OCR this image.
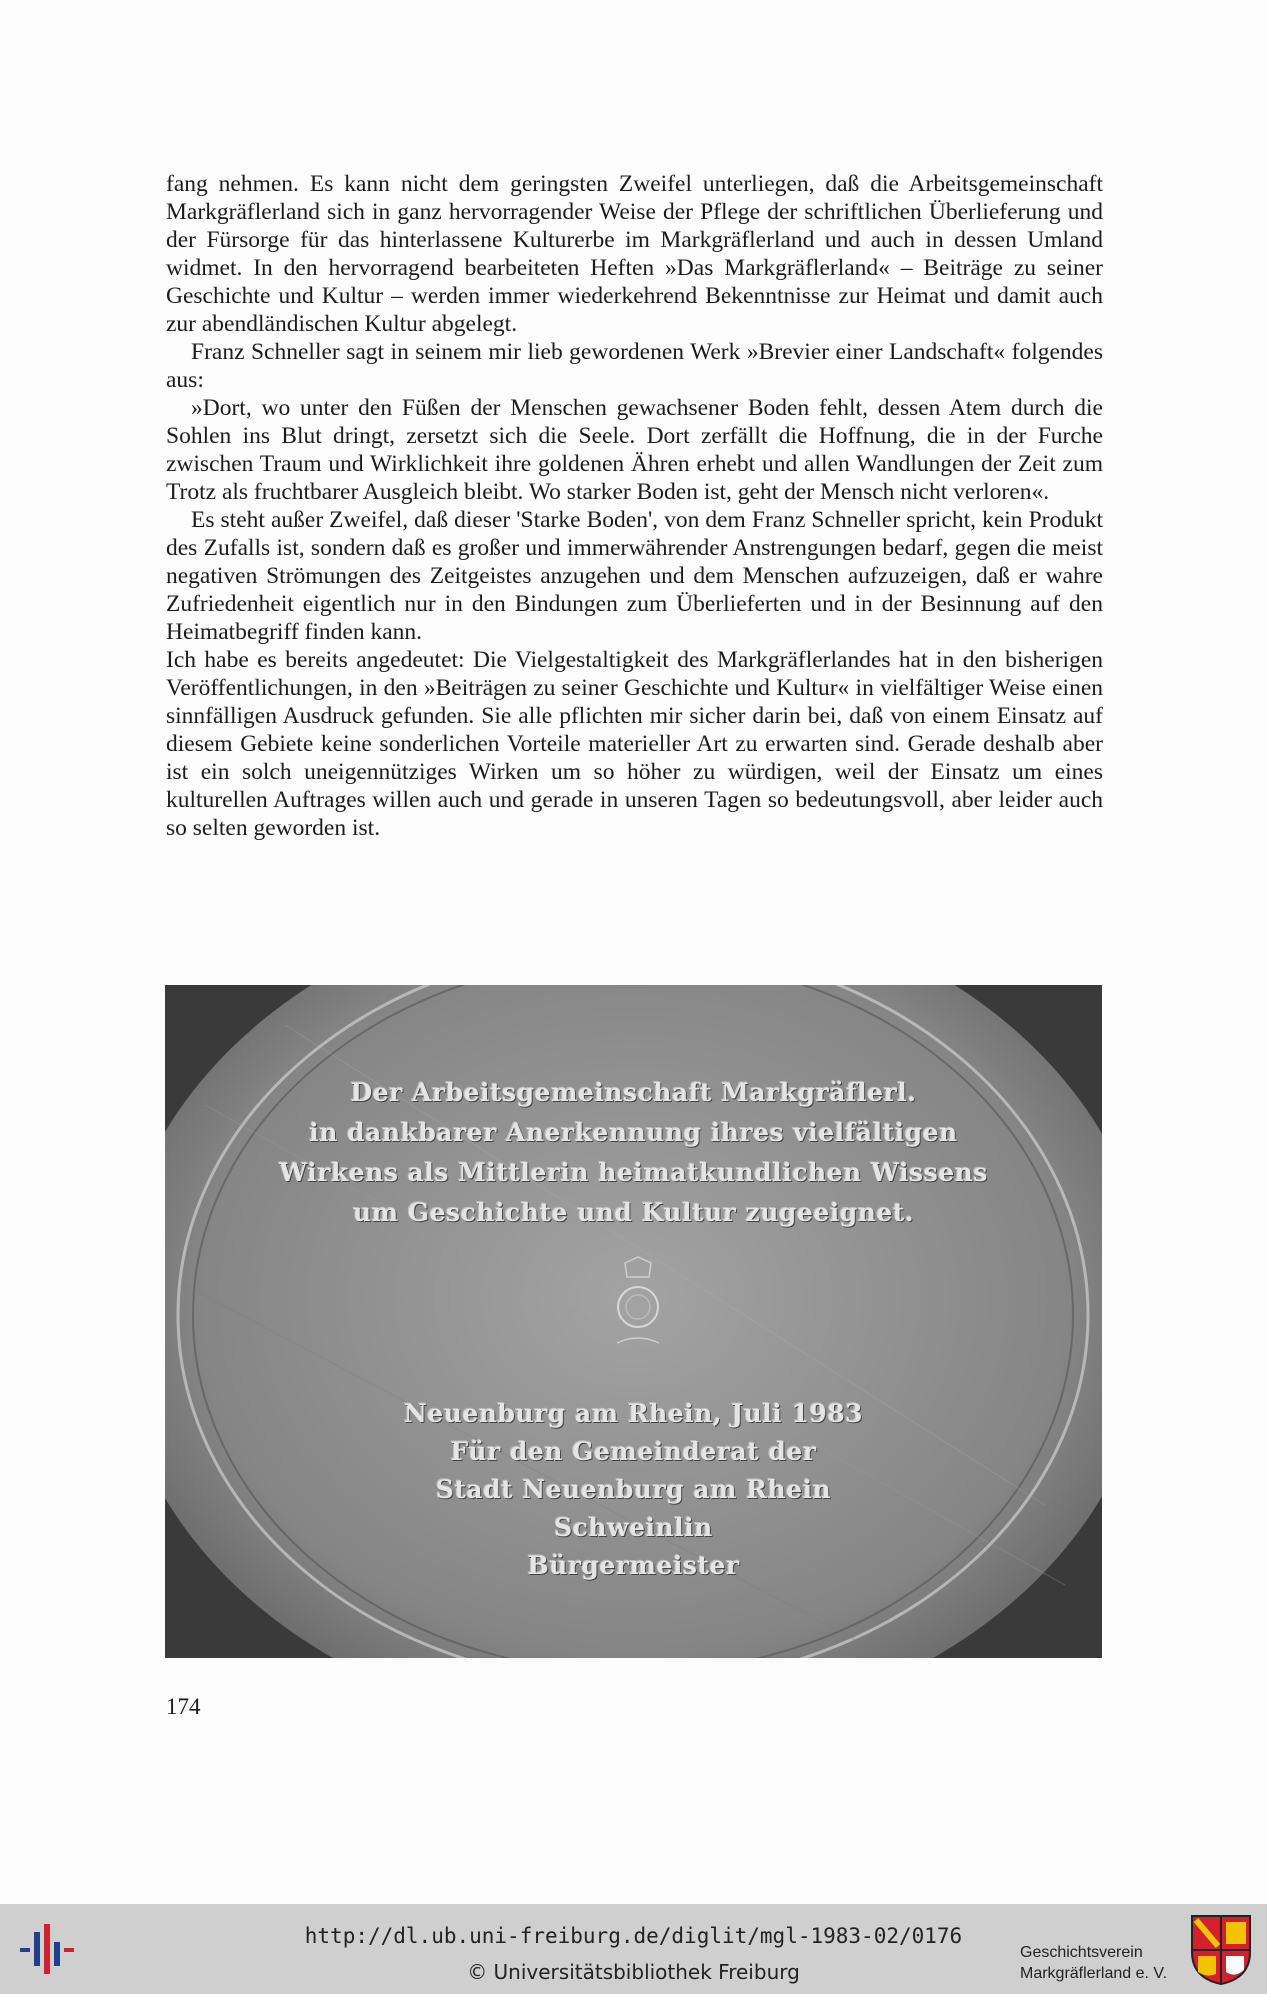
fang nehmen. Es kann nicht dem geringsten Zweifel unterliegen, daß die Arbeitsgemeinschaft Markgräflerland sich in ganz hervorragender Weise der Pflege der schriftlichen Überlieferung und der Fürsorge für das hinterlassene Kulturerbe im Markgräflerland und auch in dessen Umland widmet. In den hervorragend bearbeiteten Heften »Das Markgräflerland« – Beiträge zu seiner Geschichte und Kultur – werden immer wiederkehrend Bekenntnisse zur Heimat und damit auch zur abendländischen Kultur abgelegt.

Franz Schneller sagt in seinem mir lieb gewordenen Werk »Brevier einer Landschaft« folgendes aus:

»Dort, wo unter den Füßen der Menschen gewachsener Boden fehlt, dessen Atem durch die Sohlen ins Blut dringt, zersetzt sich die Seele. Dort zerfällt die Hoffnung, die in der Furche zwischen Traum und Wirklichkeit ihre goldenen Ähren erhebt und allen Wandlungen der Zeit zum Trotz als fruchtbarer Ausgleich bleibt. Wo starker Boden ist, geht der Mensch nicht verloren«.

Es steht außer Zweifel, daß dieser 'Starke Boden', von dem Franz Schneller spricht, kein Produkt des Zufalls ist, sondern daß es großer und immerwährender Anstrengungen bedarf, gegen die meist negativen Strömungen des Zeitgeistes anzugehen und dem Menschen aufzuzeigen, daß er wahre Zufriedenheit eigentlich nur in den Bindungen zum Überlieferten und in der Besinnung auf den Heimatbegriff finden kann.

Ich habe es bereits angedeutet: Die Vielgestaltigkeit des Markgräflerlandes hat in den bisherigen Veröffentlichungen, in den »Beiträgen zu seiner Geschichte und Kultur« in vielfältiger Weise einen sinnfälligen Ausdruck gefunden. Sie alle pflichten mir sicher darin bei, daß von einem Einsatz auf diesem Gebiete keine sonderlichen Vorteile materieller Art zu erwarten sind. Gerade deshalb aber ist ein solch uneigennütziges Wirken um so höher zu würdigen, weil der Einsatz um eines kulturellen Auftrages willen auch und gerade in unseren Tagen so bedeutungsvoll, aber leider auch so selten geworden ist.

Der Arbeitsgemeinschaft Markgräflerl.
in dankbarer Anerkennung ihres vielfältigen
Wirkens als Mittlerin heimatkundlichen Wissens
um Geschichte und Kultur zugeeignet.
Neuenburg am Rhein, Juli 1983
Für den Gemeinderat der
Stadt Neuenburg am Rhein
Schweinlin
Bürgermeister
174
http://dl.ub.uni-freiburg.de/diglit/mgl-1983-02/0176
© Universitätsbibliothek Freiburg
Geschichtsverein
Markgräflerland e. V.
